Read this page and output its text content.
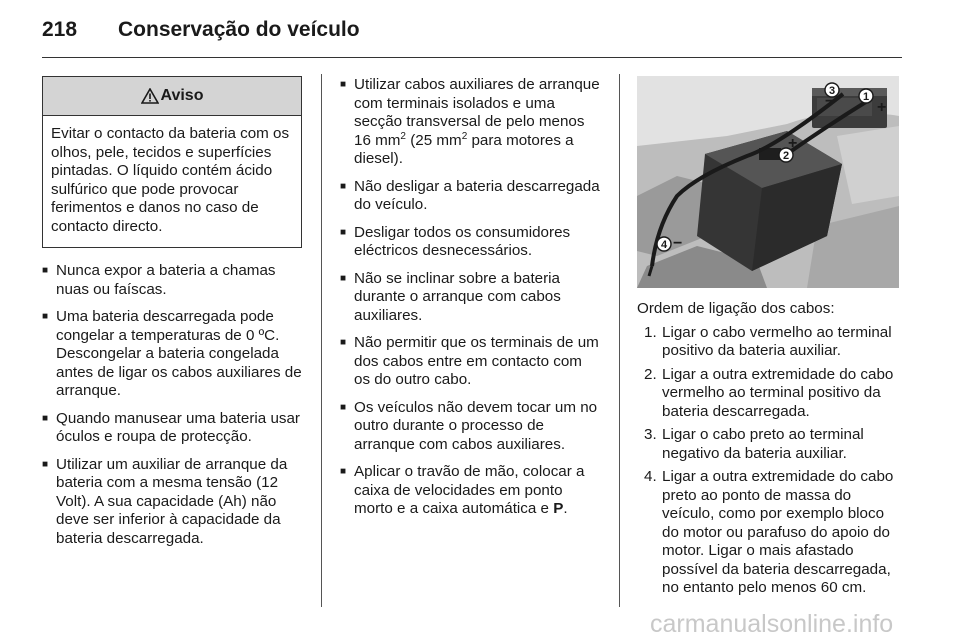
218 Conservação do veículo
Aviso
Evitar o contacto da bateria com os olhos, pele, tecidos e superfícies pintadas. O líquido contém ácido sulfúrico que pode provocar ferimentos e danos no caso de contacto directo.
■ Nunca expor a bateria a chamas nuas ou faíscas.
■ Uma bateria descarregada pode congelar a temperaturas de 0 ºC. Descongelar a bateria congelada antes de ligar os cabos auxiliares de arranque.
■ Quando manusear uma bateria usar óculos e roupa de protecção.
■ Utilizar um auxiliar de arranque da bateria com a mesma tensão (12 Volt). A sua capacidade (Ah) não deve ser inferior à capacidade da bateria descarregada.
■ Utilizar cabos auxiliares de arranque com terminais isolados e uma secção transversal de pelo menos 16 $mm^2$ (25 $mm^2$ para motores a diesel).
■ Não desligar a bateria descarregada do veículo.
■ Desligar todos os consumidores eléctricos desnecessários.
■ Não se inclinar sobre a bateria durante o arranque com cabos auxiliares.
■ Não permitir que os terminais de um dos cabos entre em contacto com os do outro cabo.
■ Os veículos não devem tocar um no outro durante o processo de arranque com cabos auxiliares.
■ Aplicar o travão de mão, colocar a caixa de velocidades em ponto morto e a caixa automática e P.
1
2
3
4
+
+
−
−
Ordem de ligação dos cabos:
1. Ligar o cabo vermelho ao terminal positivo da bateria auxiliar.
2. Ligar a outra extremidade do cabo vermelho ao terminal positivo da bateria descarregada.
3. Ligar o cabo preto ao terminal negativo da bateria auxiliar.
4. Ligar a outra extremidade do cabo preto ao ponto de massa do veículo, como por exemplo bloco do motor ou parafuso do apoio do motor. Ligar o mais afastado possível da bateria descarregada, no entanto pelo menos 60 cm.
carmanualsonline.info
